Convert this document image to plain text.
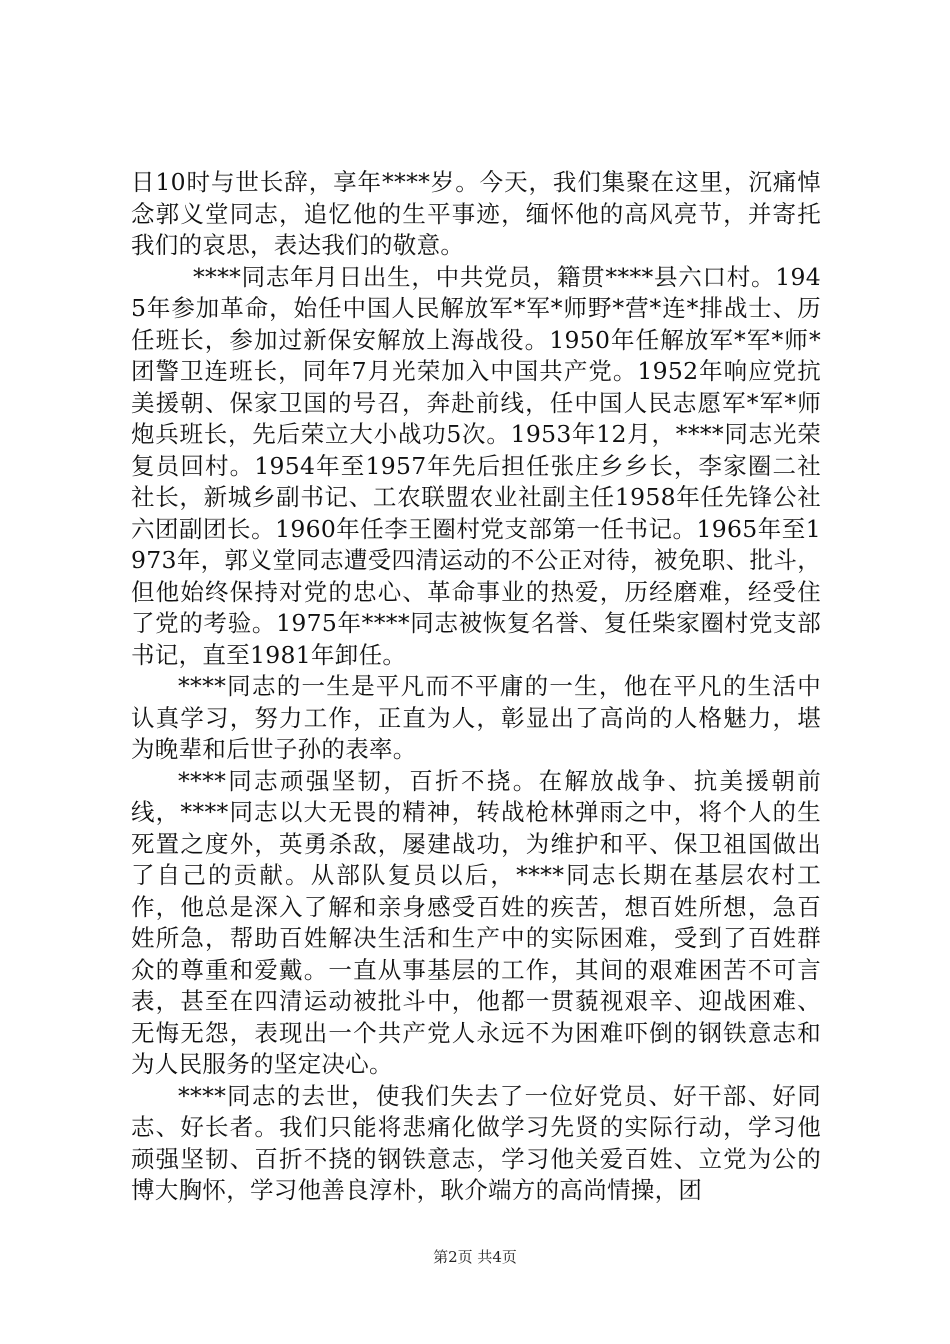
日10时与世长辞，享年****岁。今天，我们集聚在这里，沉痛悼念郭义堂同志，追忆他的生平事迹，缅怀他的高风亮节，并寄托我们的哀思，表达我们的敬意。

****同志年月日出生，中共党员，籍贯****县六口村。1945年参加革命，始任中国人民解放军*军*师野*营*连*排战士、历任班长，参加过新保安解放上海战役。1950年任解放军*军*师*团警卫连班长，同年7月光荣加入中国共产党。1952年响应党抗美援朝、保家卫国的号召，奔赴前线，任中国人民志愿军*军*师炮兵班长，先后荣立大小战功5次。1953年12月，****同志光荣复员回村。1954年至1957年先后担任张庄乡乡长，李家圈二社社长，新城乡副书记、工农联盟农业社副主任1958年任先锋公社六团副团长。1960年任李王圈村党支部第一任书记。1965年至1973年，郭义堂同志遭受四清运动的不公正对待，被免职、批斗，但他始终保持对党的忠心、革命事业的热爱，历经磨难，经受住了党的考验。1975年****同志被恢复名誉、复任柴家圈村党支部书记，直至1981年卸任。

****同志的一生是平凡而不平庸的一生，他在平凡的生活中认真学习，努力工作，正直为人，彰显出了高尚的人格魅力，堪为晚辈和后世子孙的表率。

****同志顽强坚韧，百折不挠。在解放战争、抗美援朝前线，****同志以大无畏的精神，转战枪林弹雨之中，将个人的生死置之度外，英勇杀敌，屡建战功，为维护和平、保卫祖国做出了自己的贡献。从部队复员以后，****同志长期在基层农村工作，他总是深入了解和亲身感受百姓的疾苦，想百姓所想，急百姓所急，帮助百姓解决生活和生产中的实际困难，受到了百姓群众的尊重和爱戴。一直从事基层的工作，其间的艰难困苦不可言表，甚至在四清运动被批斗中，他都一贯藐视艰辛、迎战困难、无悔无怨，表现出一个共产党人永远不为困难吓倒的钢铁意志和为人民服务的坚定决心。

****同志的去世，使我们失去了一位好党员、好干部、好同志、好长者。我们只能将悲痛化做学习先贤的实际行动，学习他顽强坚韧、百折不挠的钢铁意志，学习他关爱百姓、立党为公的博大胸怀，学习他善良淳朴，耿介端方的高尚情操，团

第2页 共4页
